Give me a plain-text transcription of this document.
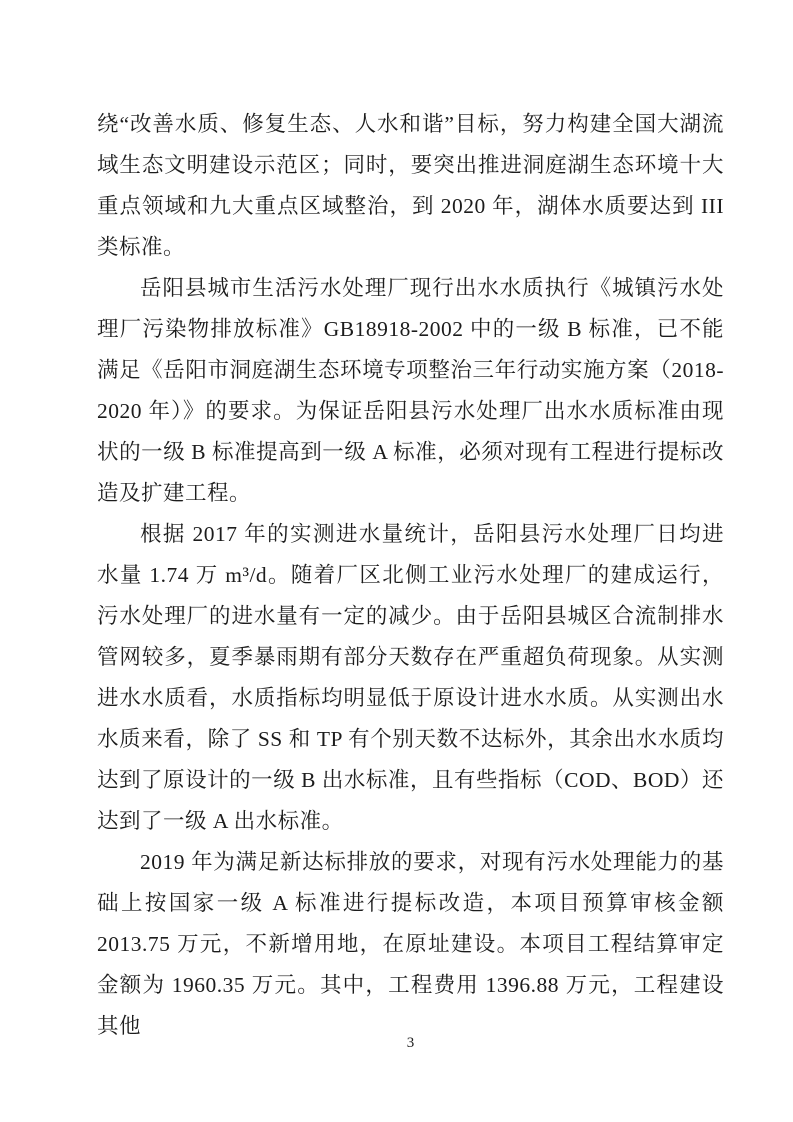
绕“改善水质、修复生态、人水和谐”目标，努力构建全国大湖流域生态文明建设示范区；同时，要突出推进洞庭湖生态环境十大重点领域和九大重点区域整治，到 2020 年，湖体水质要达到 III 类标准。

岳阳县城市生活污水处理厂现行出水水质执行《城镇污水处理厂污染物排放标准》GB18918-2002 中的一级 B 标准，已不能满足《岳阳市洞庭湖生态环境专项整治三年行动实施方案（2018-2020 年）》的要求。为保证岳阳县污水处理厂出水水质标准由现状的一级 B 标准提高到一级 A 标准，必须对现有工程进行提标改造及扩建工程。

根据 2017 年的实测进水量统计，岳阳县污水处理厂日均进水量 1.74 万 m³/d。随着厂区北侧工业污水处理厂的建成运行，污水处理厂的进水量有一定的减少。由于岳阳县城区合流制排水管网较多，夏季暴雨期有部分天数存在严重超负荷现象。从实测进水水质看，水质指标均明显低于原设计进水水质。从实测出水水质来看，除了 SS 和 TP 有个别天数不达标外，其余出水水质均达到了原设计的一级 B 出水标准，且有些指标（COD、BOD）还达到了一级 A 出水标准。

2019 年为满足新达标排放的要求，对现有污水处理能力的基础上按国家一级 A 标准进行提标改造，本项目预算审核金额 2013.75 万元，不新增用地，在原址建设。本项目工程结算审定金额为 1960.35 万元。其中，工程费用 1396.88 万元，工程建设其他

3
